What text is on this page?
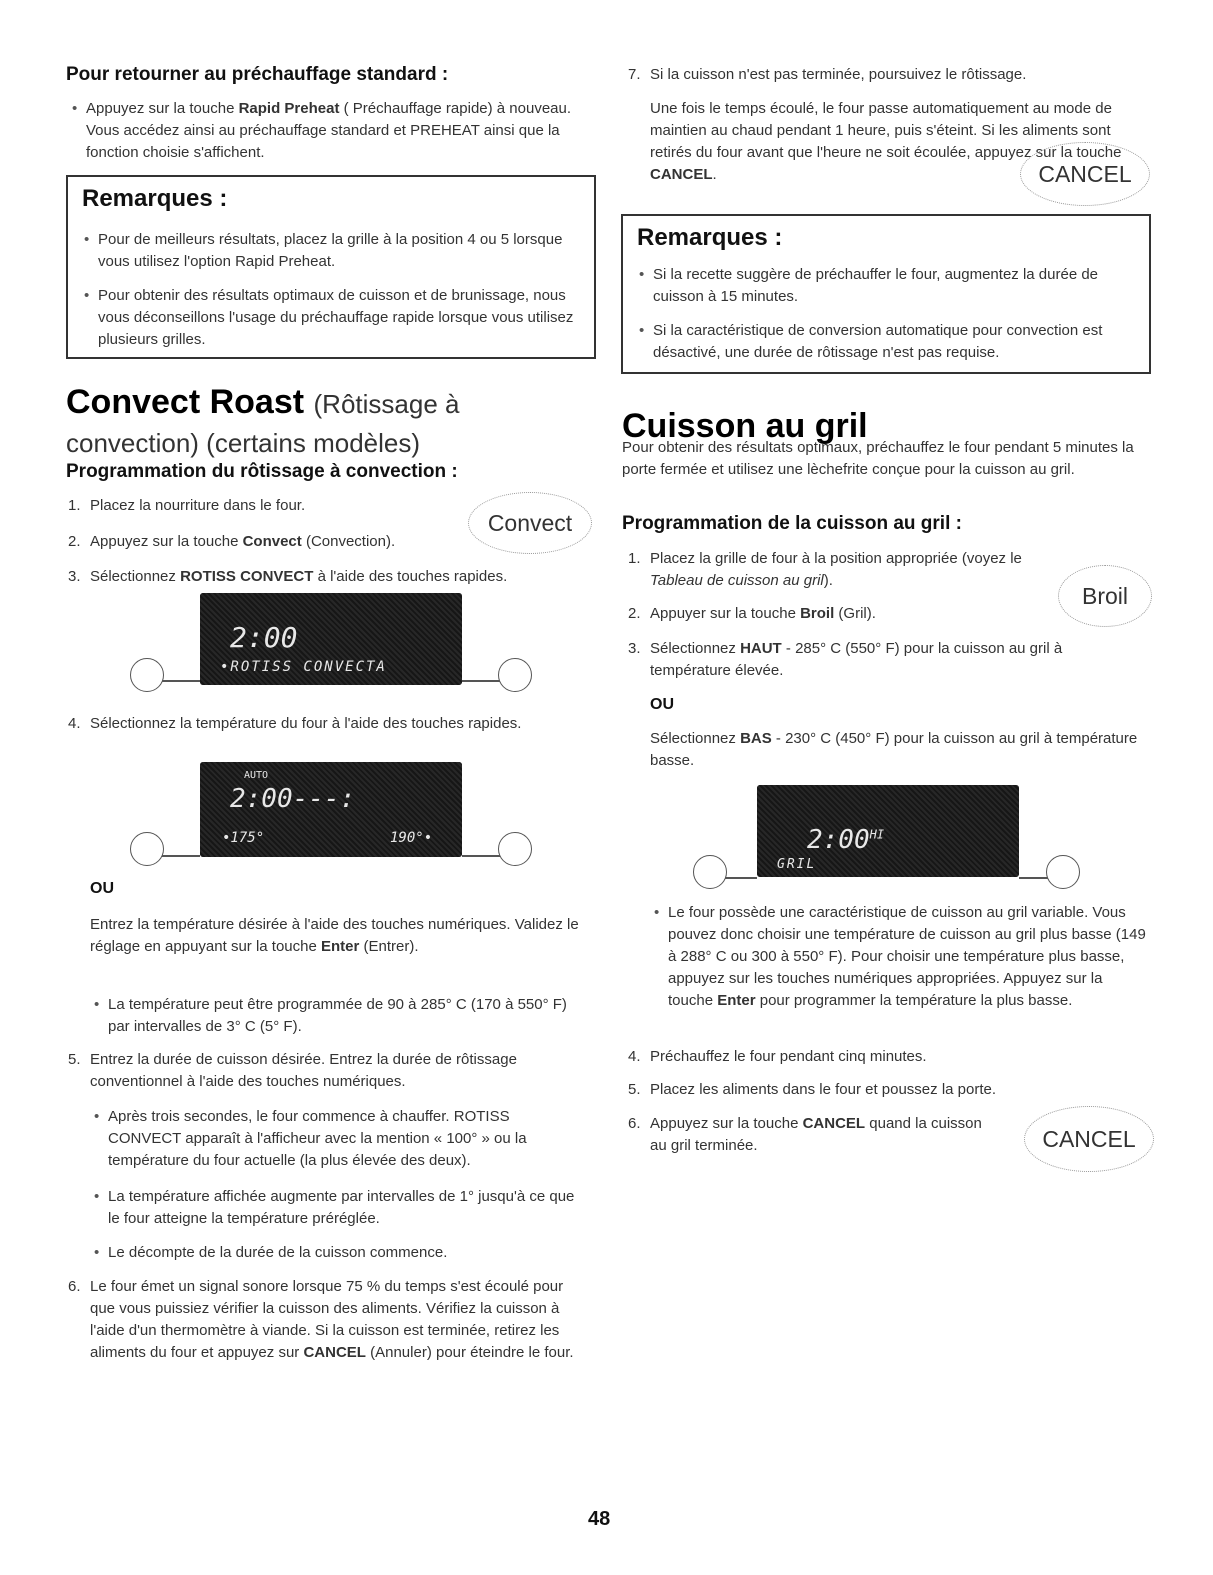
Pour retourner au préchauffage standard :
• Appuyez sur la touche Rapid Preheat ( Préchauffage rapide) à nouveau. Vous accédez ainsi au préchauffage standard et PREHEAT ainsi que la fonction choisie s'affichent.
Remarques :
• Pour de meilleurs résultats, placez la grille à la position 4 ou 5 lorsque vous utilisez l'option Rapid Preheat.
• Pour obtenir des résultats optimaux de cuisson et de brunissage, nous vous déconseillons l'usage du préchauffage rapide lorsque vous utilisez plusieurs grilles.
Convect Roast (Rôtissage à
convection) (certains modèles)
Programmation du rôtissage à convection :
1. Placez la nourriture dans le four.
2. Appuyez sur la touche Convect (Convection).
Convect
3. Sélectionnez ROTISS CONVECT à l'aide des touches rapides.
2:00
•ROTISS CONVECTA
4. Sélectionnez la température du four à l'aide des touches rapides.
AUTO
2:00---:
•175°	190°•
OU
Entrez la température désirée à l'aide des touches numériques. Validez le réglage en appuyant sur la touche Enter (Entrer).
• La température peut être programmée de 90 à 285° C (170 à 550° F) par intervalles de 3° C (5° F).
5. Entrez la durée de cuisson désirée. Entrez la durée de rôtissage conventionnel à l'aide des touches numériques.
• Après trois secondes, le four commence à chauffer. ROTISS CONVECT apparaît à l'afficheur avec la mention « 100° » ou la température du four actuelle (la plus élevée des deux).
• La température affichée augmente par intervalles de 1° jusqu'à ce que le four atteigne la température préréglée.
• Le décompte de la durée de la cuisson commence.
6. Le four émet un signal sonore lorsque 75 % du temps s'est écoulé pour que vous puissiez vérifier la cuisson des aliments. Vérifiez la cuisson à l'aide d'un thermomètre à viande. Si la cuisson est terminée, retirez les aliments du four et appuyez sur CANCEL (Annuler) pour éteindre le four.
7. Si la cuisson n'est pas terminée, poursuivez le rôtissage.
Une fois le temps écoulé, le four passe automatiquement au mode de maintien au chaud pendant 1 heure, puis s'éteint. Si les aliments sont retirés du four avant que l'heure ne soit écoulée, appuyez sur la touche CANCEL.	CANCEL
Remarques :
• Si la recette suggère de préchauffer le four, augmentez la durée de cuisson à 15 minutes.
• Si la caractéristique de conversion automatique pour convection est désactivé, une durée de rôtissage n'est pas requise.
Cuisson au gril
Pour obtenir des résultats optimaux, préchauffez le four pendant 5 minutes la porte fermée et utilisez une lèchefrite conçue pour la cuisson au gril.
Programmation de la cuisson au gril :
1. Placez la grille de four à la position appropriée (voyez le Tableau de cuisson au gril).
Broil
2. Appuyer sur la touche Broil (Gril).
3. Sélectionnez HAUT - 285° C (550° F) pour la cuisson au gril à température élevée.
OU
Sélectionnez BAS - 230° C (450° F) pour la cuisson au gril à température basse.
$2:00^{HI}$
GRIL
• Le four possède une caractéristique de cuisson au gril variable. Vous pouvez donc choisir une température de cuisson au gril plus basse (149 à 288° C ou 300 à 550° F). Pour choisir une température plus basse, appuyez sur les touches numériques appropriées. Appuyez sur la touche Enter pour programmer la température la plus basse.
4. Préchauffez le four pendant cinq minutes.
5. Placez les aliments dans le four et poussez la porte.
6. Appuyez sur la touche CANCEL quand la cuisson au gril terminée.	CANCEL
48
